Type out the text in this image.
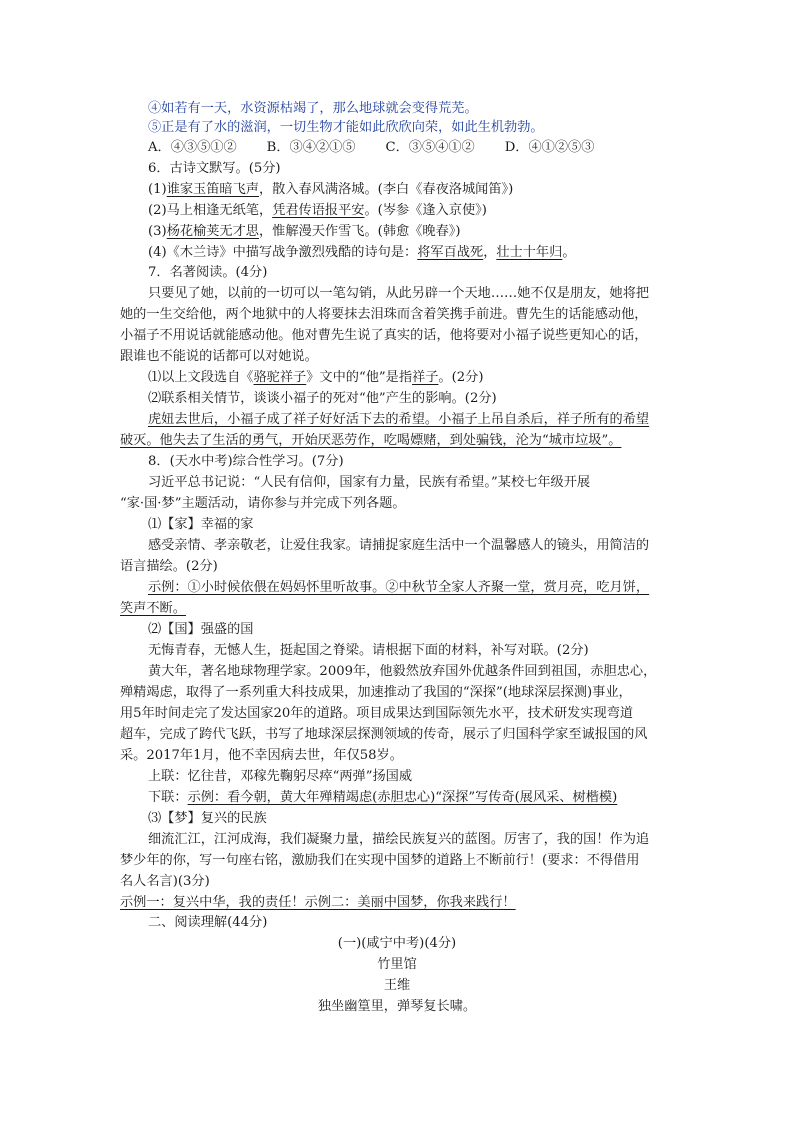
④如若有一天，水资源枯竭了，那么地球就会变得荒芜。
⑤正是有了水的滋润，一切生物才能如此欣欣向荣，如此生机勃勃。
A．④③⑤①② B．③④②①⑤ C．③⑤④①② D．④①②⑤③
6．古诗文默写。(5分)
(1)谁家玉笛暗飞声，散入春风满洛城。(李白《春夜洛城闻笛》)
(2)马上相逢无纸笔，凭君传语报平安。(岑参《逢入京使》)
(3)杨花榆荚无才思，惟解漫天作雪飞。(韩愈《晚春》)
(4)《木兰诗》中描写战争激烈残酷的诗句是：将军百战死，壮士十年归。
7．名著阅读。(4分)
只要见了她，以前的一切可以一笔勾销，从此另辟一个天地……她不仅是朋友，她将把
她的一生交给他，两个地狱中的人将要抹去泪珠而含着笑携手前进。曹先生的话能感动他，
小福子不用说话就能感动他。他对曹先生说了真实的话，他将要对小福子说些更知心的话，
跟谁也不能说的话都可以对她说。
⑴以上文段选自《骆驼祥子》文中的“他”是指祥子。(2分)
⑵联系相关情节，谈谈小福子的死对“他”产生的影响。(2分)
虎妞去世后，小福子成了祥子好好活下去的希望。小福子上吊自杀后，祥子所有的希望
破灭。他失去了生活的勇气，开始厌恶劳作，吃喝嫖赌，到处骗钱，沦为“城市垃圾”。
8．(天水中考)综合性学习。(7分)
习近平总书记说：“人民有信仰，国家有力量，民族有希望。”某校七年级开展
“家·国·梦”主题活动，请你参与并完成下列各题。
⑴【家】幸福的家
感受亲情、孝亲敬老，让爱住我家。请捕捉家庭生活中一个温馨感人的镜头，用简洁的
语言描绘。(2分)
示例：①小时候依偎在妈妈怀里听故事。②中秋节全家人齐聚一堂，赏月亮，吃月饼，
笑声不断。
⑵【国】强盛的国
无悔青春，无憾人生，挺起国之脊梁。请根据下面的材料，补写对联。(2分)
黄大年，著名地球物理学家。2009年，他毅然放弃国外优越条件回到祖国，赤胆忠心，
殚精竭虑，取得了一系列重大科技成果，加速推动了我国的“深探”(地球深层探测)事业，
用5年时间走完了发达国家20年的道路。项目成果达到国际领先水平，技术研发实现弯道
超车，完成了跨代飞跃，书写了地球深层探测领域的传奇，展示了归国科学家至诚报国的风
采。2017年1月，他不幸因病去世，年仅58岁。
上联：忆往昔，邓稼先鞠躬尽瘁“两弹”扬国威
下联：示例：看今朝，黄大年殚精竭虑(赤胆忠心)“深探”写传奇(展风采、树楷模)
⑶【梦】复兴的民族
细流汇江，江河成海，我们凝聚力量，描绘民族复兴的蓝图。厉害了，我的国！作为追
梦少年的你，写一句座右铭，激励我们在实现中国梦的道路上不断前行！(要求：不得借用
名人名言)(3分)
示例一：复兴中华，我的责任！示例二：美丽中国梦，你我来践行！
二、阅读理解(44分)
(一)(咸宁中考)(4分)
竹里馆
王维
独坐幽篁里，弹琴复长啸。
